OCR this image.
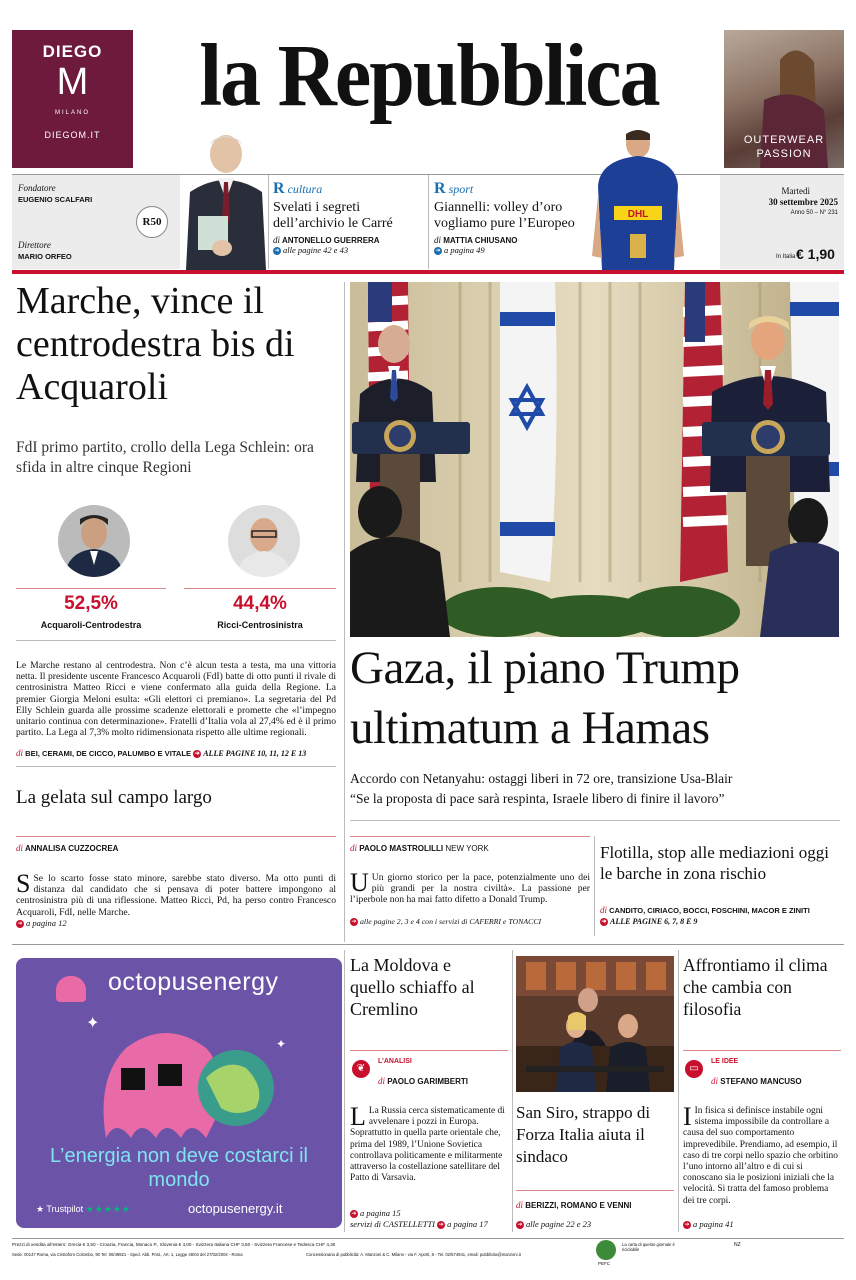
DIEGO
M
MILANO
DIEGOM.IT
la Repubblica
OUTERWEAR
PASSION
Fondatore
EUGENIO SCALFARI
Direttore
MARIO ORFEO
R50
R cultura
Svelati i segreti dell’archivio le Carré
di ANTONELLO GUERRERA
➔ alle pagine 42 e 43
R sport
Giannelli: volley d’oro vogliamo pure l’Europeo
di MATTIA CHIUSANO
➔ a pagina 49
DHL
Martedì
30 settembre 2025
Anno 50 – N° 231
In Italia € 1,90
Marche, vince il centrodestra bis di Acquaroli
FdI primo partito, crollo della Lega Schlein: ora sfida in altre cinque Regioni
52,5%	44,4%
Acquaroli-Centrodestra	Ricci-Centrosinistra
Le Marche restano al centrodestra. Non c’è alcun testa a testa, ma una vittoria netta. Il presidente uscente Francesco Acquaroli (FdI) batte di otto punti il rivale di centrosinistra Matteo Ricci e viene confermato alla guida della Regione. La premier Giorgia Meloni esulta: «Gli elettori ci premiano». La segretaria del Pd Elly Schlein guarda alle prossime scadenze elettorali e promette che «l’impegno unitario continua con determinazione». Fratelli d’Italia vola al 27,4% ed è il primo partito. La Lega al 7,3% molto ridimensionata rispetto alle ultime regionali.
di BEI, CERAMI, DE CICCO, PALUMBO E VITALE ➔ ALLE PAGINE 10, 11, 12 E 13
La gelata sul campo largo
di ANNALISA CUZZOCREA
S Se lo scarto fosse stato minore, sarebbe stato diverso. Ma otto punti di distanza dal candidato che si pensava di poter battere impongono al centrosinistra più di una riflessione. Matteo Ricci, Pd, ha perso contro Francesco Acquaroli, FdI, nelle Marche.
➔ a pagina 12
Gaza, il piano Trump ultimatum a Hamas
Accordo con Netanyahu: ostaggi liberi in 72 ore, transizione Usa-Blair
“Se la proposta di pace sarà respinta, Israele libero di finire il lavoro”
di PAOLO MASTROLILLI NEW YORK
U Un giorno storico per la pace, potenzialmente uno dei più grandi per la nostra civiltà». La passione per l’iperbole non ha mai fatto difetto a Donald Trump.
➔ alle pagine 2, 3 e 4 con i servizi di CAFERRI e TONACCI
Flotilla, stop alle mediazioni oggi le barche in zona rischio
di CANDITO, CIRIACO, BOCCI, FOSCHINI, MACOR E ZINITI ➔ ALLE PAGINE 6, 7, 8 E 9
octopusenergy
✦
✦
L’energia non deve costarci il mondo
★ Trustpilot ★★★★★	octopusenergy.it
La Moldova e quello schiaffo al Cremlino
❦
L’ANALISI
di PAOLO GARIMBERTI
L La Russia cerca sistematicamente di avvelenare i pozzi in Europa. Soprattutto in quella parte orientale che, prima del 1989, l’Unione Sovietica controllava politicamente e militarmente attraverso la costellazione satellitare del Patto di Varsavia.
➔ a pagina 15
servizi di CASTELLETTI ➔ a pagina 17
San Siro, strappo di Forza Italia aiuta il sindaco
di BERIZZI, ROMANO E VENNI
➔ alle pagine 22 e 23
Affrontiamo il clima che cambia con filosofia
▭
LE IDEE
di STEFANO MANCUSO
I In fisica si definisce instabile ogni sistema impossibile da controllare a causa del suo comportamento imprevedibile. Prendiamo, ad esempio, il caso di tre corpi nello spazio che orbitino l’uno intorno all’altro e di cui si conoscano sia le posizioni iniziali che la velocità. Si tratta del famoso problema dei tre corpi.
➔ a pagina 41
Prezzi di vendita all’estero: Grecia € 3,50 - Croazia, Francia, Monaco P., Slovenia € 4,00 - Svizzera Italiana CHF 3,50 - Svizzera Francese e Tedesca CHF 4,30
Sede: 00147 Roma, via Cristoforo Colombo, 90 Tel. 06/49821 - Sped. Abb. Post., Art. 1, Legge 46/04 del 27/02/2004 - Roma	Concessionaria di pubblicità: A. Manzoni & C. Milano - via F. Aporti, 8 - Tel. 02/574941, email: pubblicita@manzoni.it
PEFC
La carta di questo giornale è riciclabile
NZ
